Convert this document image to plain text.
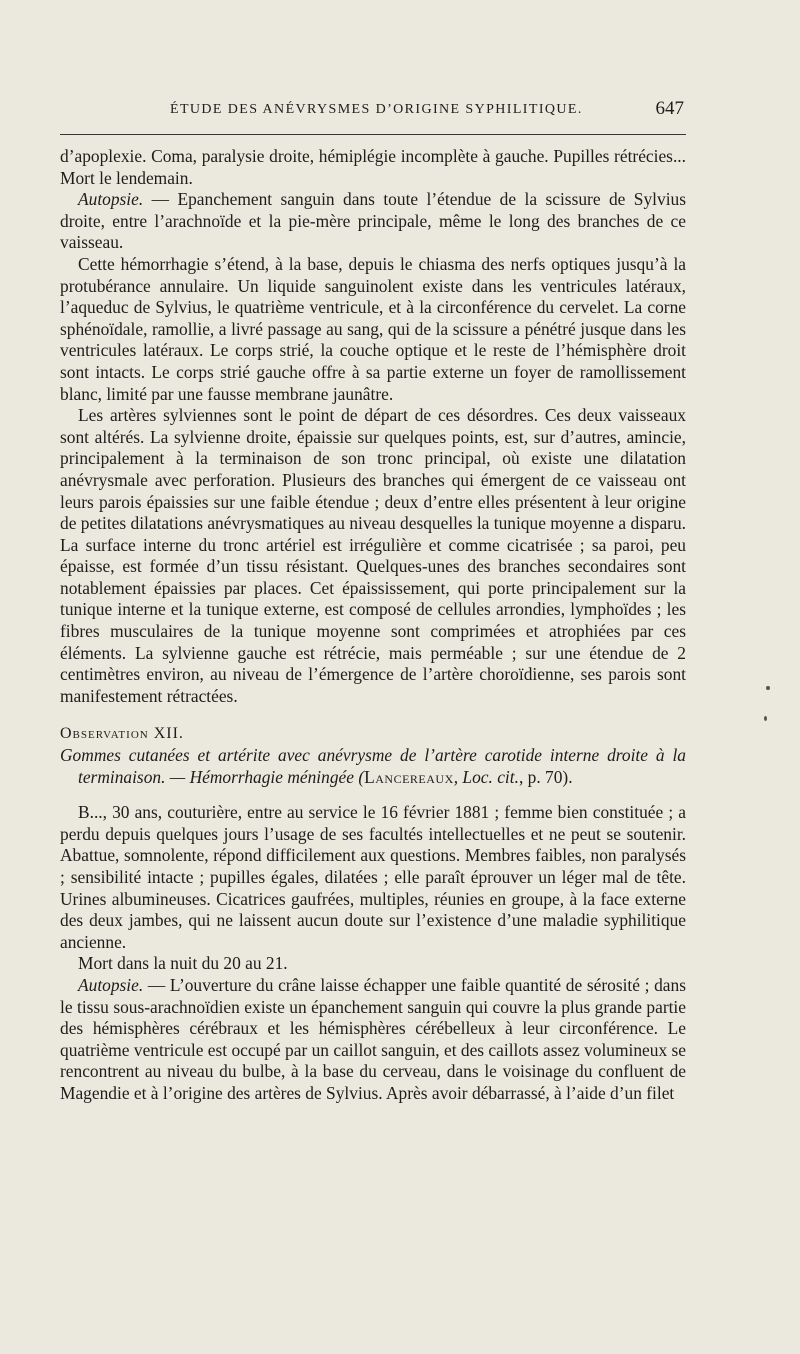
ÉTUDE DES ANÉVRYSMES D’ORIGINE SYPHILITIQUE.	647

d’apoplexie. Coma, paralysie droite, hémiplégie incomplète à gauche. Pupilles rétrécies... Mort le lendemain.

Autopsie. — Epanchement sanguin dans toute l’étendue de la scissure de Sylvius droite, entre l’arachnoïde et la pie-mère principale, même le long des branches de ce vaisseau.

Cette hémorrhagie s’étend, à la base, depuis le chiasma des nerfs optiques jusqu’à la protubérance annulaire. Un liquide sanguinolent existe dans les ventricules latéraux, l’aqueduc de Sylvius, le quatrième ventricule, et à la circonférence du cervelet. La corne sphénoïdale, ramollie, a livré passage au sang, qui de la scissure a pénétré jusque dans les ventricules latéraux. Le corps strié, la couche optique et le reste de l’hémisphère droit sont intacts. Le corps strié gauche offre à sa partie externe un foyer de ramollissement blanc, limité par une fausse membrane jaunâtre.

Les artères sylviennes sont le point de départ de ces désordres. Ces deux vaisseaux sont altérés. La sylvienne droite, épaissie sur quelques points, est, sur d’autres, amincie, principalement à la terminaison de son tronc principal, où existe une dilatation anévrysmale avec perforation. Plusieurs des branches qui émergent de ce vaisseau ont leurs parois épaissies sur une faible étendue ; deux d’entre elles présentent à leur origine de petites dilatations anévrysmatiques au niveau desquelles la tunique moyenne a disparu. La surface interne du tronc artériel est irrégulière et comme cicatrisée ; sa paroi, peu épaisse, est formée d’un tissu résistant. Quelques-unes des branches secondaires sont notablement épaissies par places. Cet épaississement, qui porte principalement sur la tunique interne et la tunique externe, est composé de cellules arrondies, lymphoïdes ; les fibres musculaires de la tunique moyenne sont comprimées et atrophiées par ces éléments. La sylvienne gauche est rétrécie, mais perméable ; sur une étendue de 2 centimètres environ, au niveau de l’émergence de l’artère choroïdienne, ses parois sont manifestement rétractées.

Observation XII.

Gommes cutanées et artérite avec anévrysme de l’artère carotide interne droite à la terminaison. — Hémorrhagie méningée (Lancereaux, Loc. cit., p. 70).

B..., 30 ans, couturière, entre au service le 16 février 1881 ; femme bien constituée ; a perdu depuis quelques jours l’usage de ses facultés intellectuelles et ne peut se soutenir. Abattue, somnolente, répond difficilement aux questions. Membres faibles, non paralysés ; sensibilité intacte ; pupilles égales, dilatées ; elle paraît éprouver un léger mal de tête. Urines albumineuses. Cicatrices gaufrées, multiples, réunies en groupe, à la face externe des deux jambes, qui ne laissent aucun doute sur l’existence d’une maladie syphilitique ancienne.

Mort dans la nuit du 20 au 21.

Autopsie. — L’ouverture du crâne laisse échapper une faible quantité de sérosité ; dans le tissu sous-arachnoïdien existe un épanchement sanguin qui couvre la plus grande partie des hémisphères cérébraux et les hémisphères cérébelleux à leur circonférence. Le quatrième ventricule est occupé par un caillot sanguin, et des caillots assez volumineux se rencontrent au niveau du bulbe, à la base du cerveau, dans le voisinage du confluent de Magendie et à l’origine des artères de Sylvius. Après avoir débarrassé, à l’aide d’un filet
